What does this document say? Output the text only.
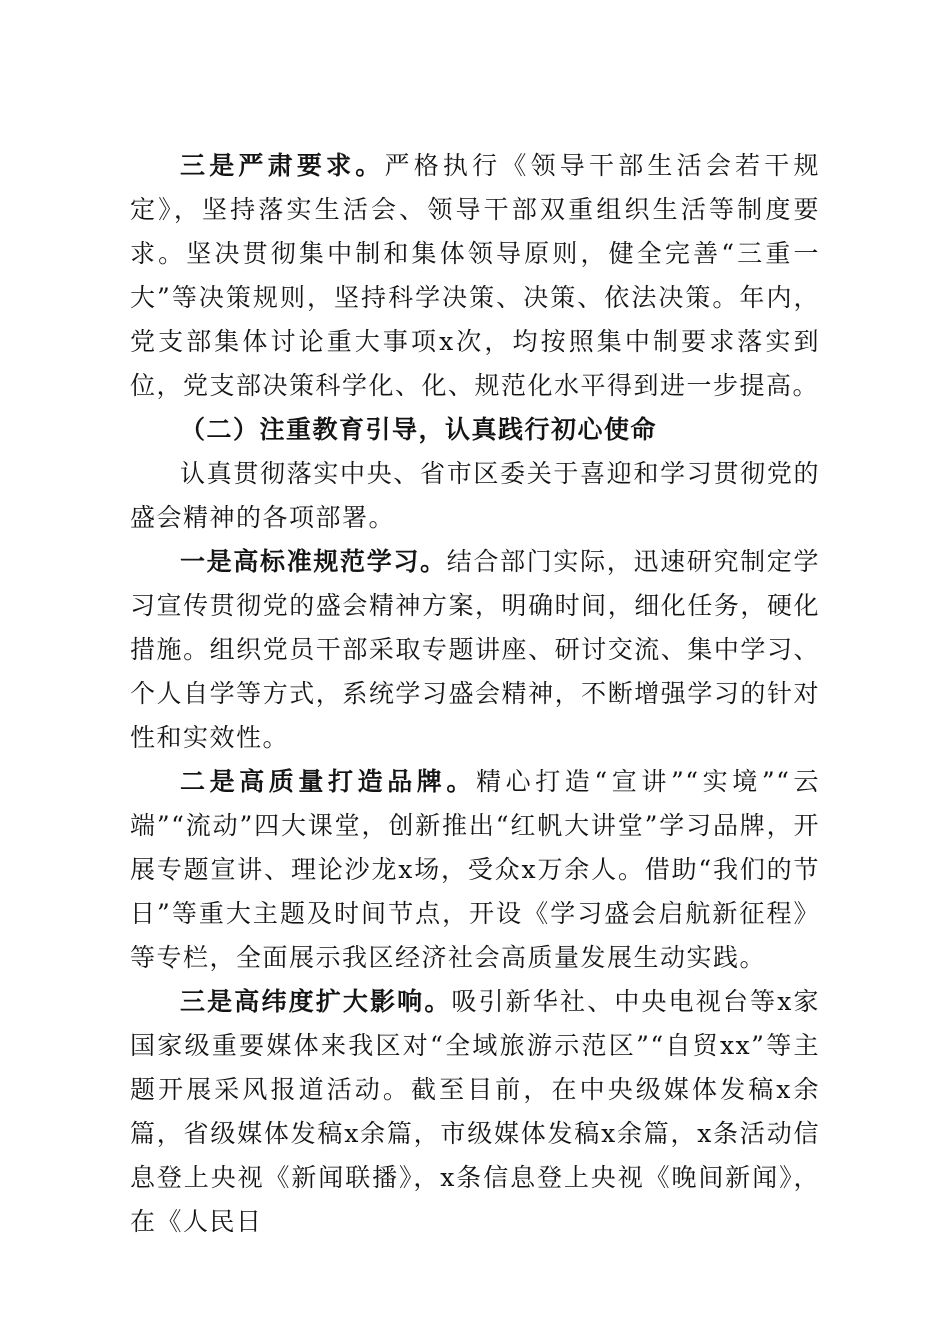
三是严肃要求。严格执行《领导干部生活会若干规定》，坚持落实生活会、领导干部双重组织生活等制度要求。坚决贯彻集中制和集体领导原则，健全完善“三重一大”等决策规则，坚持科学决策、决策、依法决策。年内，党支部集体讨论重大事项x次，均按照集中制要求落实到位，党支部决策科学化、化、规范化水平得到进一步提高。

（二）注重教育引导，认真践行初心使命

认真贯彻落实中央、省市区委关于喜迎和学习贯彻党的盛会精神的各项部署。

一是高标准规范学习。结合部门实际，迅速研究制定学习宣传贯彻党的盛会精神方案，明确时间，细化任务，硬化措施。组织党员干部采取专题讲座、研讨交流、集中学习、个人自学等方式，系统学习盛会精神，不断增强学习的针对性和实效性。

二是高质量打造品牌。精心打造“宣讲”“实境”“云端”“流动”四大课堂，创新推出“红帆大讲堂”学习品牌，开展专题宣讲、理论沙龙x场，受众x万余人。借助“我们的节日”等重大主题及时间节点，开设《学习盛会启航新征程》等专栏，全面展示我区经济社会高质量发展生动实践。

三是高纬度扩大影响。吸引新华社、中央电视台等x家国家级重要媒体来我区对“全域旅游示范区”“自贸xx”等主题开展采风报道活动。截至目前，在中央级媒体发稿x余篇，省级媒体发稿x余篇，市级媒体发稿x余篇，x条活动信息登上央视《新闻联播》，x条信息登上央视《晚间新闻》，在《人民日
